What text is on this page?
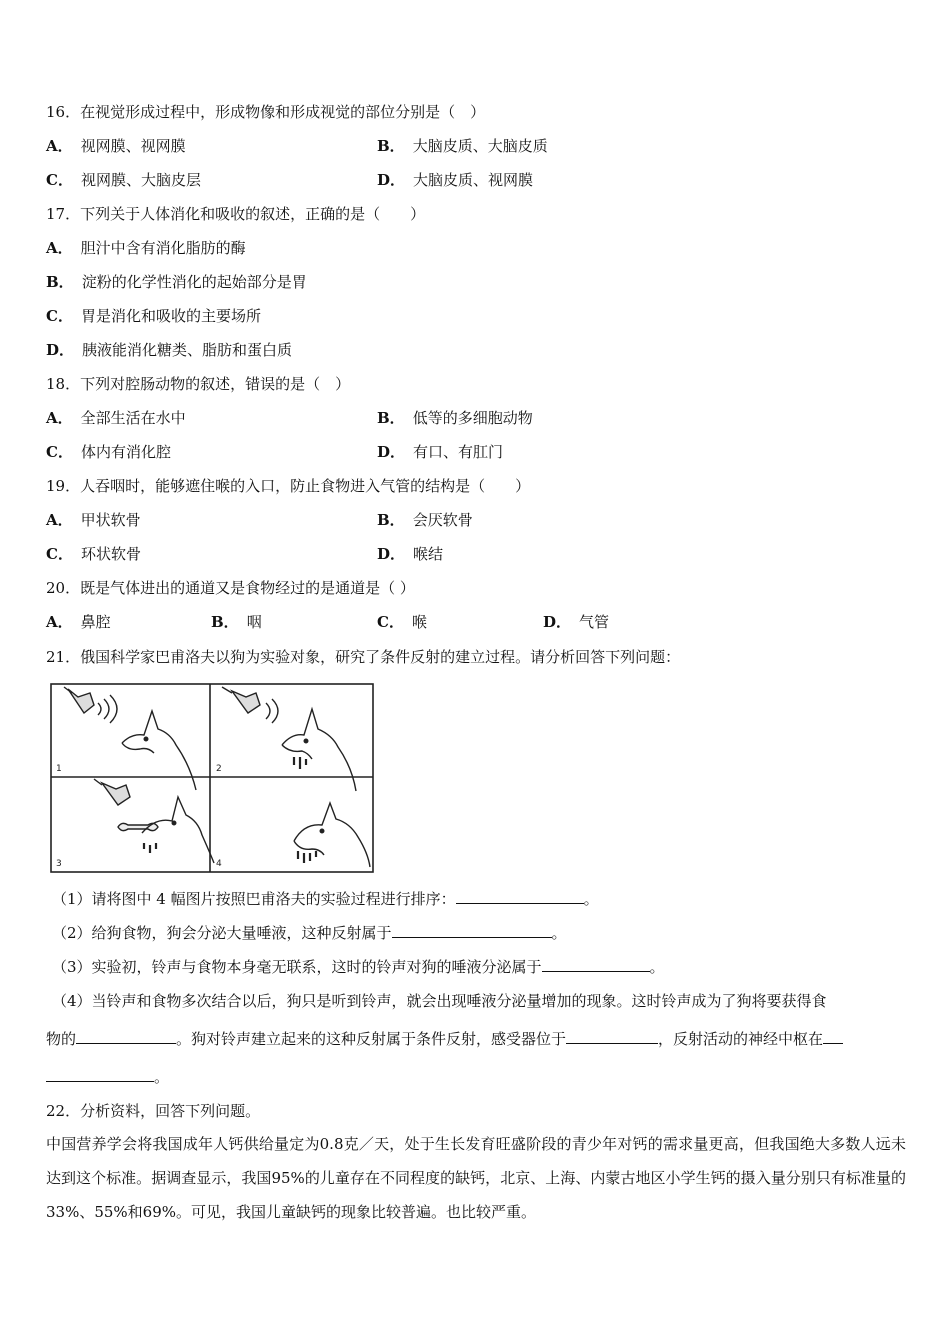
16．在视觉形成过程中，形成物像和形成视觉的部位分别是（　）
A． 视网膜、视网膜	B． 大脑皮质、大脑皮质
C． 视网膜、大脑皮层	D． 大脑皮质、视网膜
17．下列关于人体消化和吸收的叙述，正确的是（　　）
A． 胆汁中含有消化脂肪的酶
B． 淀粉的化学性消化的起始部分是胃
C． 胃是消化和吸收的主要场所
D． 胰液能消化糖类、脂肪和蛋白质
18．下列对腔肠动物的叙述，错误的是（　）
A． 全部生活在水中	B． 低等的多细胞动物
C． 体内有消化腔	D． 有口、有肛门
19．人吞咽时，能够遮住喉的入口，防止食物进入气管的结构是（　　）
A． 甲状软骨	B． 会厌软骨
C． 环状软骨	D． 喉结
20．既是气体进出的通道又是食物经过的是通道是（ ）
A． 鼻腔	B． 咽	C． 喉	D． 气管
21．俄国科学家巴甫洛夫以狗为实验对象，研究了条件反射的建立过程。请分析回答下列问题：
1	2
3	4
（1）请将图中 4 幅图片按照巴甫洛夫的实验过程进行排序：	。
（2）给狗食物，狗会分泌大量唾液，这种反射属于	。
（3）实验初，铃声与食物本身毫无联系，这时的铃声对狗的唾液分泌属于	。
（4）当铃声和食物多次结合以后，狗只是听到铃声，就会出现唾液分泌量增加的现象。这时铃声成为了狗将要获得食
物的	。狗对铃声建立起来的这种反射属于条件反射，感受器位于	，反射活动的神经中枢在
。
22．分析资料，回答下列问题。
中国营养学会将我国成年人钙供给量定为0.8克／天，处于生长发育旺盛阶段的青少年对钙的需求量更高，但我国绝大多数人远未达到这个标准。据调查显示，我国95%的儿童存在不同程度的缺钙，北京、上海、内蒙古地区小学生钙的摄入量分别只有标准量的33%、55%和69%。可见，我国儿童缺钙的现象比较普遍。也比较严重。
